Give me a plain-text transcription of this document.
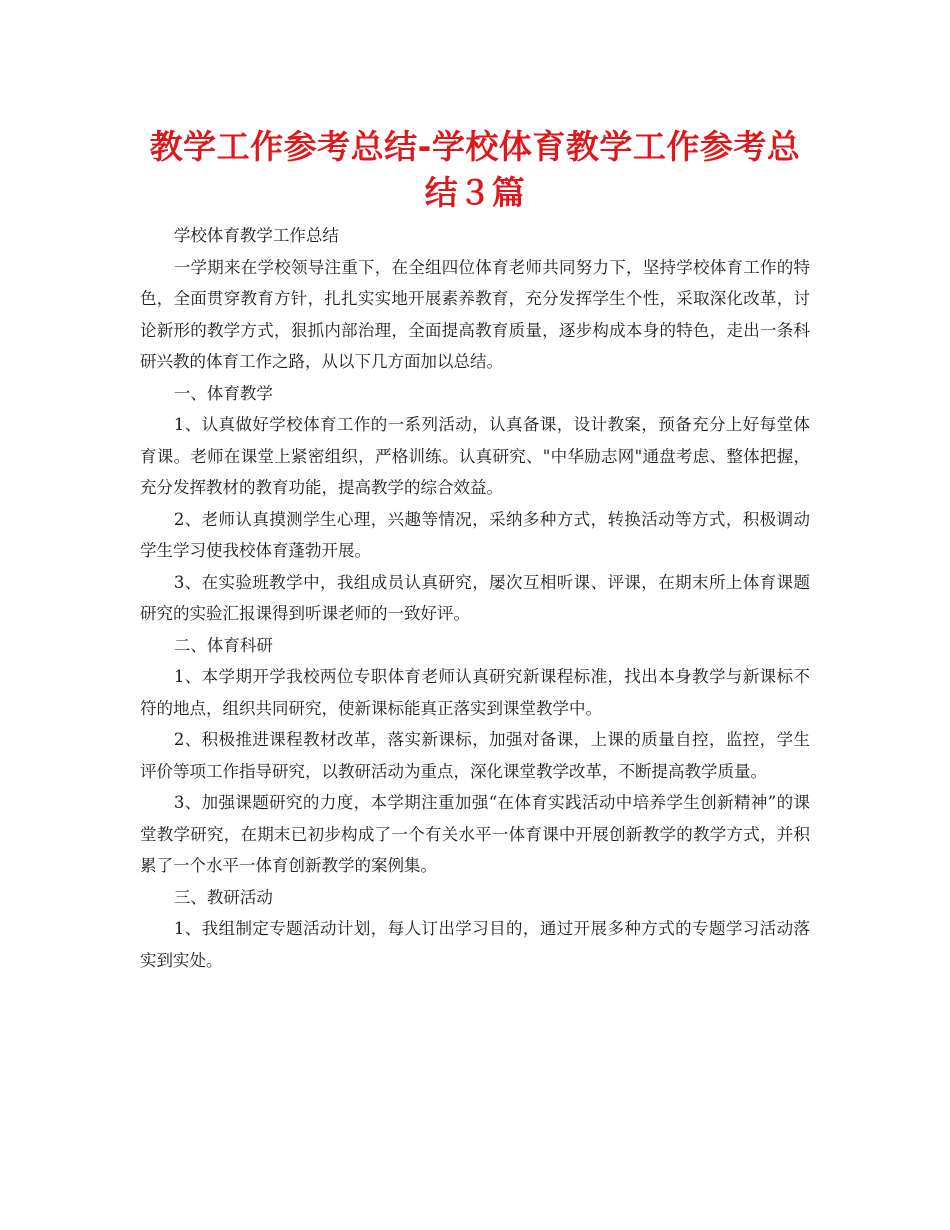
教学工作参考总结-学校体育教学工作参考总结３篇

学校体育教学工作总结

一学期来在学校领导注重下，在全组四位体育老师共同努力下，坚持学校体育工作的特色，全面贯穿教育方针，扎扎实实地开展素养教育，充分发挥学生个性，采取深化改革，讨论新形的教学方式，狠抓内部治理，全面提高教育质量，逐步构成本身的特色，走出一条科研兴教的体育工作之路，从以下几方面加以总结。

一、体育教学

1、认真做好学校体育工作的一系列活动，认真备课，设计教案，预备充分上好每堂体育课。老师在课堂上紧密组织，严格训练。认真研究、"中华励志网"通盘考虑、整体把握，充分发挥教材的教育功能，提高教学的综合效益。

2、老师认真摸测学生心理，兴趣等情况，采纳多种方式，转换活动等方式，积极调动学生学习使我校体育蓬勃开展。

3、在实验班教学中，我组成员认真研究，屡次互相听课、评课，在期末所上体育课题研究的实验汇报课得到听课老师的一致好评。

二、体育科研

1、本学期开学我校两位专职体育老师认真研究新课程标准，找出本身教学与新课标不符的地点，组织共同研究，使新课标能真正落实到课堂教学中。

2、积极推进课程教材改革，落实新课标，加强对备课，上课的质量自控，监控，学生评价等项工作指导研究，以教研活动为重点，深化课堂教学改革，不断提高教学质量。

3、加强课题研究的力度，本学期注重加强“在体育实践活动中培养学生创新精神”的课堂教学研究，在期末已初步构成了一个有关水平一体育课中开展创新教学的教学方式，并积累了一个水平一体育创新教学的案例集。

三、教研活动

1、我组制定专题活动计划，每人订出学习目的，通过开展多种方式的专题学习活动落实到实处。
